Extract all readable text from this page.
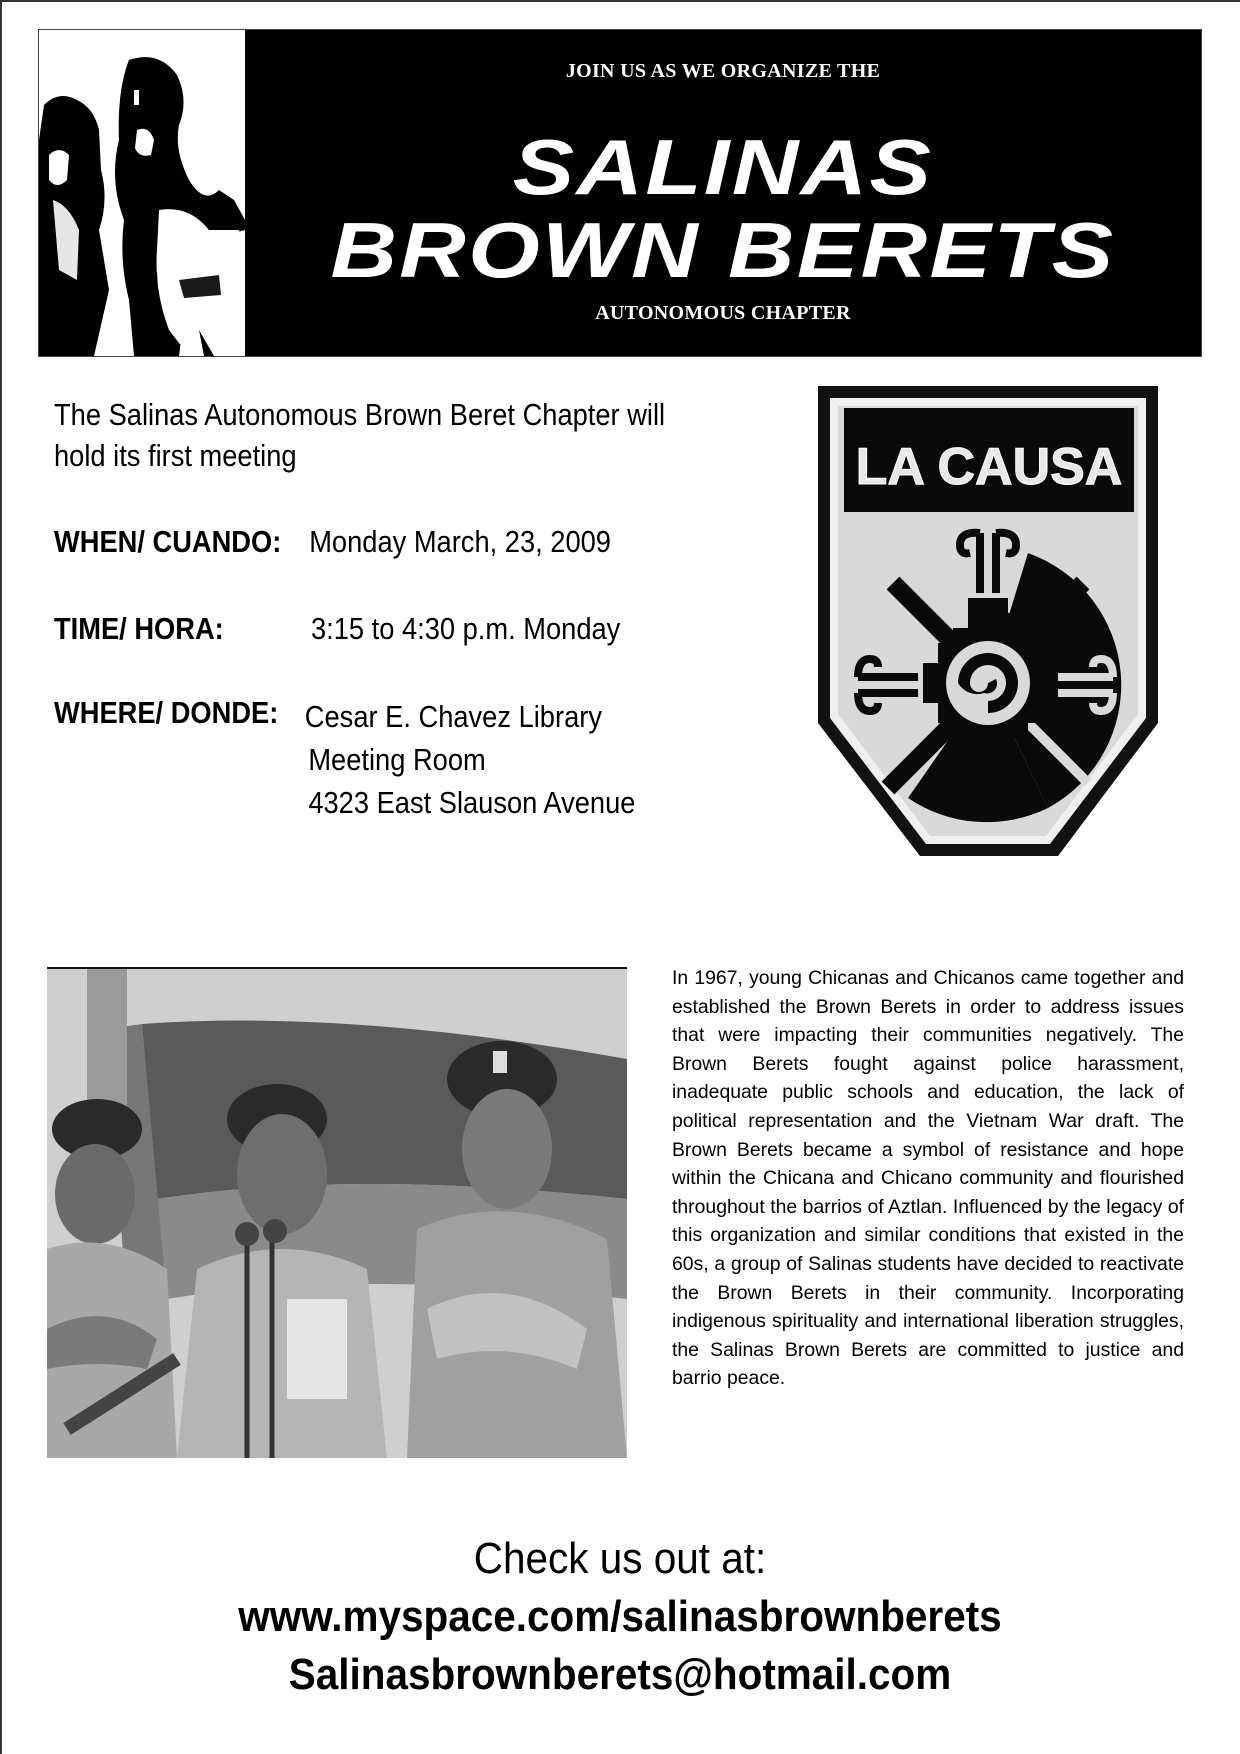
JOIN US AS WE ORGANIZE THE
SALINAS
BROWN BERETS
AUTONOMOUS CHAPTER
The Salinas Autonomous Brown Beret Chapter will hold its first meeting
WHEN/ CUANDO: Monday March, 23, 2009
TIME/ HORA:	3:15 to 4:30 p.m. Monday
WHERE/ DONDE: Cesar E. Chavez Library
Meeting Room
4323 East Slauson Avenue
LA CAUSA

In 1967, young Chicanas and Chicanos came together and established the Brown Berets in order to address issues that were impacting their communities negatively. The Brown Berets fought against police harassment, inadequate public schools and education, the lack of political representation and the Vietnam War draft. The Brown Berets became a symbol of resistance and hope within the Chicana and Chicano community and flourished throughout the barrios of Aztlan. Influenced by the legacy of this organization and similar conditions that existed in the 60s, a group of Salinas students have decided to reactivate the Brown Berets in their community. Incorporating indigenous spirituality and international liberation struggles, the Salinas Brown Berets are committed to justice and barrio peace.

Check us out at:
www.myspace.com/salinasbrownberets
Salinasbrownberets@hotmail.com
